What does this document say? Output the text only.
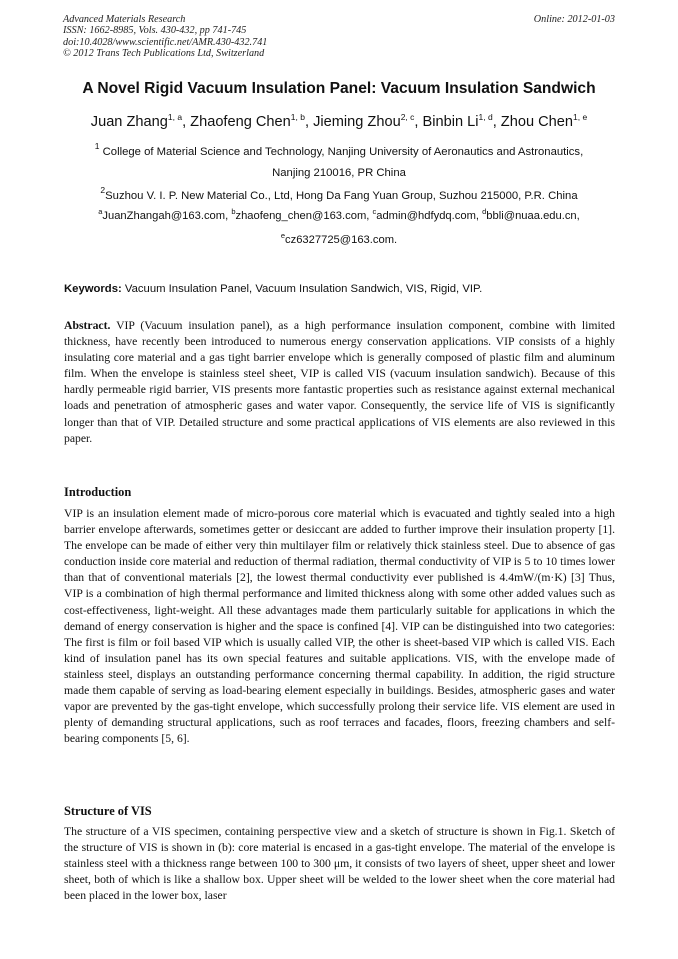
Advanced Materials Research
ISSN: 1662-8985, Vols. 430-432, pp 741-745
doi:10.4028/www.scientific.net/AMR.430-432.741
© 2012 Trans Tech Publications Ltd, Switzerland
Online: 2012-01-03
A Novel Rigid Vacuum Insulation Panel: Vacuum Insulation Sandwich
Juan Zhang$^{1, a}$, Zhaofeng Chen$^{1, b}$, Jieming Zhou$^{2, c}$, Binbin Li$^{1, d}$, Zhou Chen$^{1, e}$
$^1$ College of Material Science and Technology, Nanjing University of Aeronautics and Astronautics,
Nanjing 210016, PR China
$^2$Suzhou V. I. P. New Material Co., Ltd, Hong Da Fang Yuan Group, Suzhou 215000, P.R. China
$^a$JuanZhangah@163.com, $^b$zhaofeng_chen@163.com, $^c$admin@hdfydq.com, $^d$bbli@nuaa.edu.cn,
$^e$cz6327725@163.com.
Keywords: Vacuum Insulation Panel, Vacuum Insulation Sandwich, VIS, Rigid, VIP.
Abstract. VIP (Vacuum insulation panel), as a high performance insulation component, combine with limited thickness, have recently been introduced to numerous energy conservation applications. VIP consists of a highly insulating core material and a gas tight barrier envelope which is generally composed of plastic film and aluminum film. When the envelope is stainless steel sheet, VIP is called VIS (vacuum insulation sandwich). Because of this hardly permeable rigid barrier, VIS presents more fantastic properties such as resistance against external mechanical loads and penetration of atmospheric gases and water vapor. Consequently, the service life of VIS is significantly longer than that of VIP. Detailed structure and some practical applications of VIS elements are also reviewed in this paper.
Introduction
VIP is an insulation element made of micro-porous core material which is evacuated and tightly sealed into a high barrier envelope afterwards, sometimes getter or desiccant are added to further improve their insulation property [1]. The envelope can be made of either very thin multilayer film or relatively thick stainless steel. Due to absence of gas conduction inside core material and reduction of thermal radiation, thermal conductivity of VIP is 5 to 10 times lower than that of conventional materials [2], the lowest thermal conductivity ever published is 4.4mW/(m·K) [3] Thus, VIP is a combination of high thermal performance and limited thickness along with some other added values such as cost-effectiveness, light-weight. All these advantages made them particularly suitable for applications in which the demand of energy conservation is higher and the space is confined [4]. VIP can be distinguished into two categories: The first is film or foil based VIP which is usually called VIP, the other is sheet-based VIP which is called VIS. Each kind of insulation panel has its own special features and suitable applications. VIS, with the envelope made of stainless steel, displays an outstanding performance concerning thermal capability. In addition, the rigid structure made them capable of serving as load-bearing element especially in buildings. Besides, atmospheric gases and water vapor are prevented by the gas-tight envelope, which successfully prolong their service life. VIS element are used in plenty of demanding structural applications, such as roof terraces and facades, floors, freezing chambers and self-bearing components [5, 6].
Structure of VIS
The structure of a VIS specimen, containing perspective view and a sketch of structure is shown in Fig.1. Sketch of the structure of VIS is shown in (b): core material is encased in a gas-tight envelope. The material of the envelope is stainless steel with a thickness range between 100 to 300 μm, it consists of two layers of sheet, upper sheet and lower sheet, both of which is like a shallow box. Upper sheet will be welded to the lower sheet when the core material had been placed in the lower box, laser
